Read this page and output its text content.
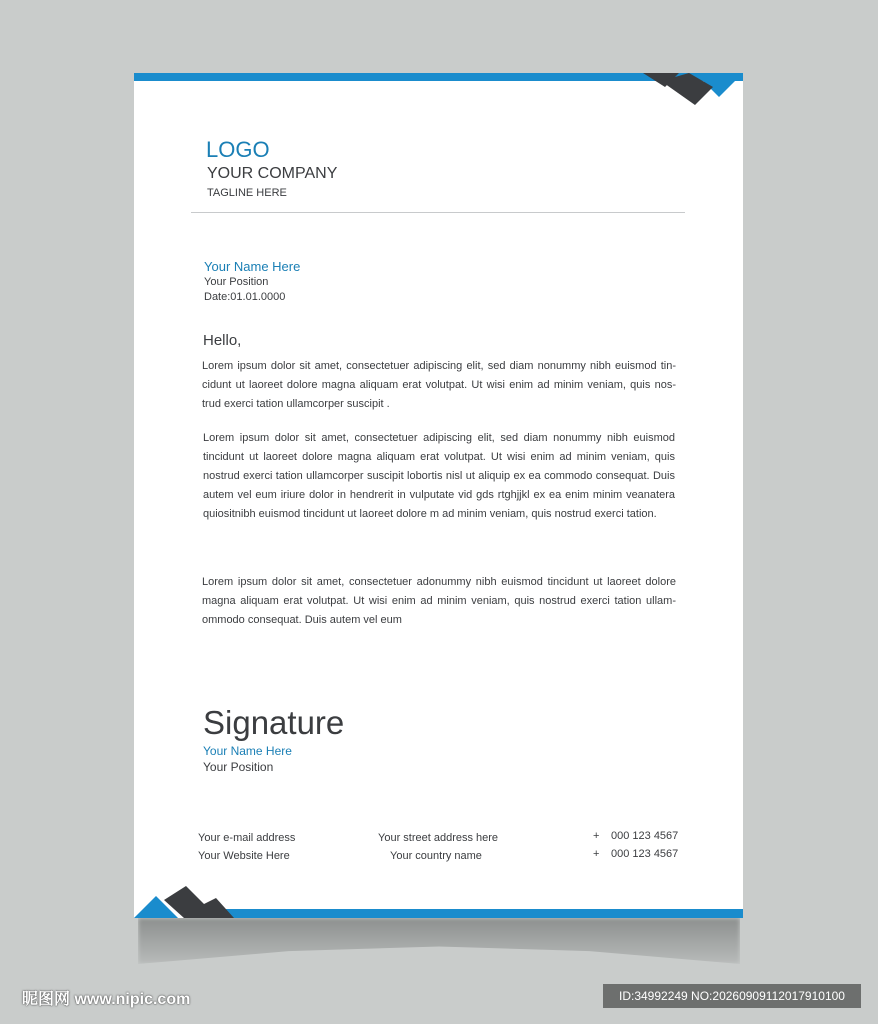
LOGO
YOUR COMPANY
TAGLINE HERE
Your Name Here
Your Position
Date:01.01.0000
Hello,
Lorem ipsum dolor sit amet, consectetuer adipiscing elit, sed diam nonummy nibh euismod tin-cidunt ut laoreet dolore magna aliquam erat volutpat. Ut wisi enim ad minim veniam, quis nos-trud exerci tation ullamcorper suscipit .
Lorem ipsum dolor sit amet, consectetuer adipiscing elit, sed diam nonummy nibh euismod tincidunt ut laoreet dolore magna aliquam erat volutpat. Ut wisi enim ad minim veniam, quis nostrud exerci tation ullamcorper suscipit lobortis nisl ut aliquip ex ea commodo consequat. Duis autem vel eum iriure dolor in hendrerit in vulputate vid gds rtghjjkl ex ea enim minim veanatera quiositnibh euismod tincidunt ut laoreet dolore m ad minim veniam, quis nostrud exerci tation.
Lorem ipsum dolor sit amet, consectetuer adonummy nibh euismod tincidunt ut laoreet dolore magna aliquam erat volutpat. Ut wisi enim ad minim veniam, quis nostrud exerci tation ullam-ommodo consequat. Duis autem vel eum
Signature
Your Name Here
Your Position
Your e-mail address
Your Website Here
Your street address here
Your country name
+ 000 123 4567
+ 000 123 4567
昵图网 www.nipic.com	ID:34992249 NO:20260909112017910100
